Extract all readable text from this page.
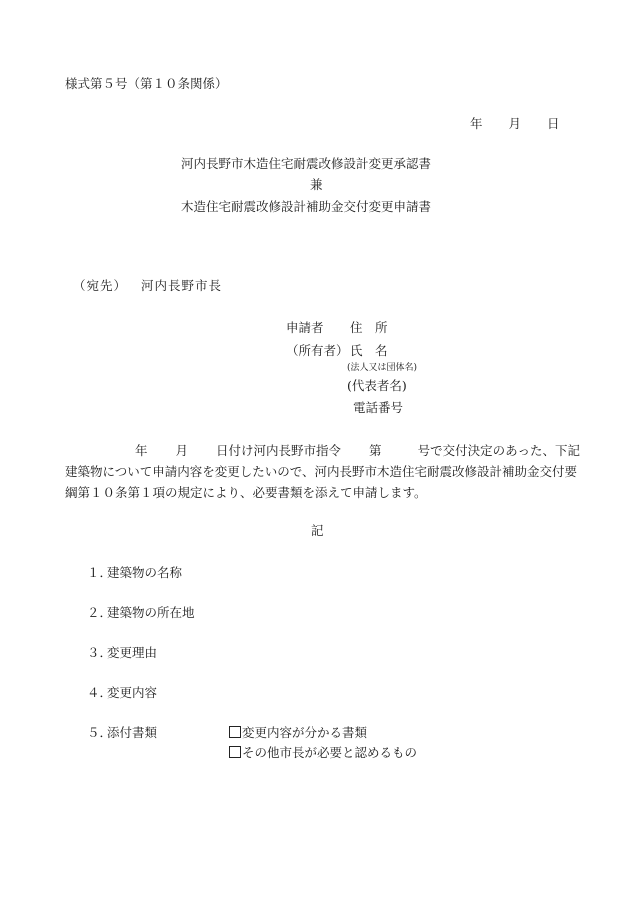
様式第５号（第１０条関係）
年 月 日
河内長野市木造住宅耐震改修設計変更承認書
兼
木造住宅耐震改修設計補助金交付変更申請書
（宛先） 河内長野市長
申請者 住　所
（所有者）氏　名
(法人又は団体名)
(代表者名)
電話番号
年 月 日付け河内長野市指令 第	号で交付決定のあった、下記建築物について申請内容を変更したいので、河内長野市木造住宅耐震改修設計補助金交付要綱第１０条第１項の規定により、必要書類を添えて申請します。
記
１．建築物の名称
２．建築物の所在地
３．変更理由
４．変更内容
５．添付書類	変更内容が分かる書類
その他市長が必要と認めるもの
